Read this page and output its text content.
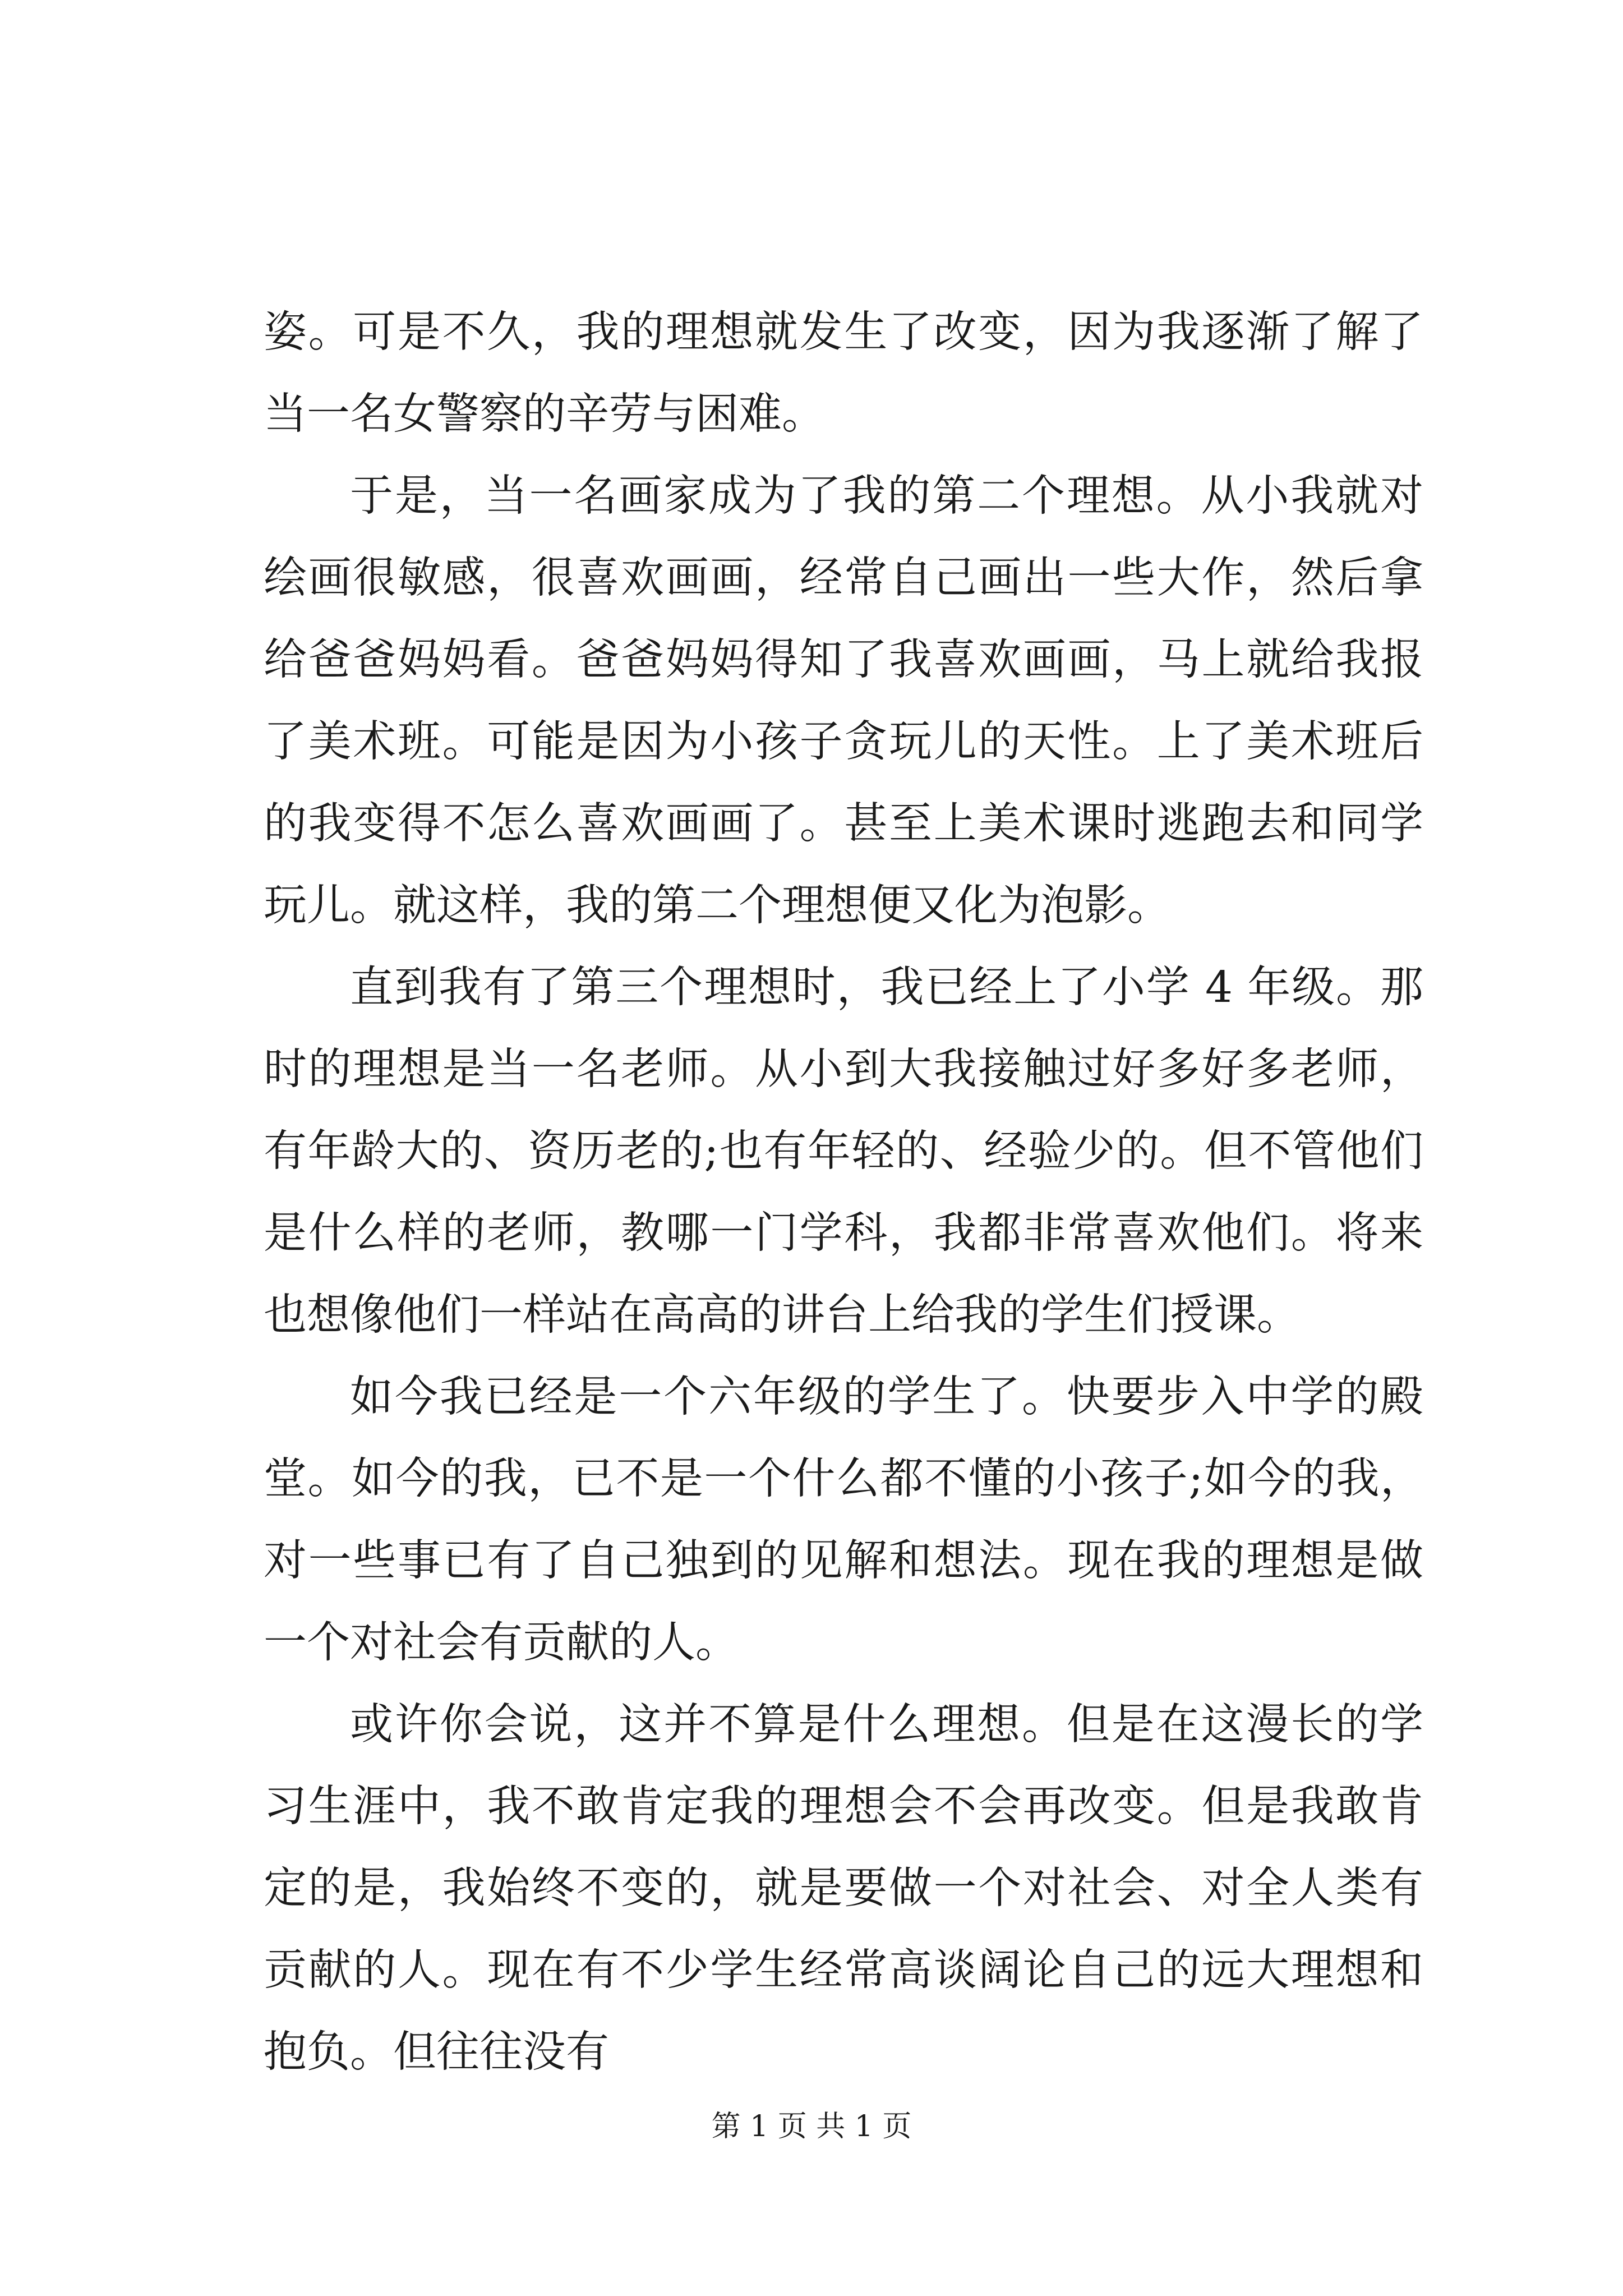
姿。可是不久，我的理想就发生了改变，因为我逐渐了解了当一名女警察的辛劳与困难。

于是，当一名画家成为了我的第二个理想。从小我就对绘画很敏感，很喜欢画画，经常自己画出一些大作，然后拿给爸爸妈妈看。爸爸妈妈得知了我喜欢画画，马上就给我报了美术班。可能是因为小孩子贪玩儿的天性。上了美术班后的我变得不怎么喜欢画画了。甚至上美术课时逃跑去和同学玩儿。就这样，我的第二个理想便又化为泡影。

直到我有了第三个理想时，我已经上了小学 4 年级。那时的理想是当一名老师。从小到大我接触过好多好多老师，有年龄大的、资历老的;也有年轻的、经验少的。但不管他们是什么样的老师，教哪一门学科，我都非常喜欢他们。将来也想像他们一样站在高高的讲台上给我的学生们授课。

如今我已经是一个六年级的学生了。快要步入中学的殿堂。如今的我，已不是一个什么都不懂的小孩子;如今的我，对一些事已有了自己独到的见解和想法。现在我的理想是做一个对社会有贡献的人。

或许你会说，这并不算是什么理想。但是在这漫长的学习生涯中，我不敢肯定我的理想会不会再改变。但是我敢肯定的是，我始终不变的，就是要做一个对社会、对全人类有贡献的人。现在有不少学生经常高谈阔论自己的远大理想和抱负。但往往没有

第 1 页 共 1 页
